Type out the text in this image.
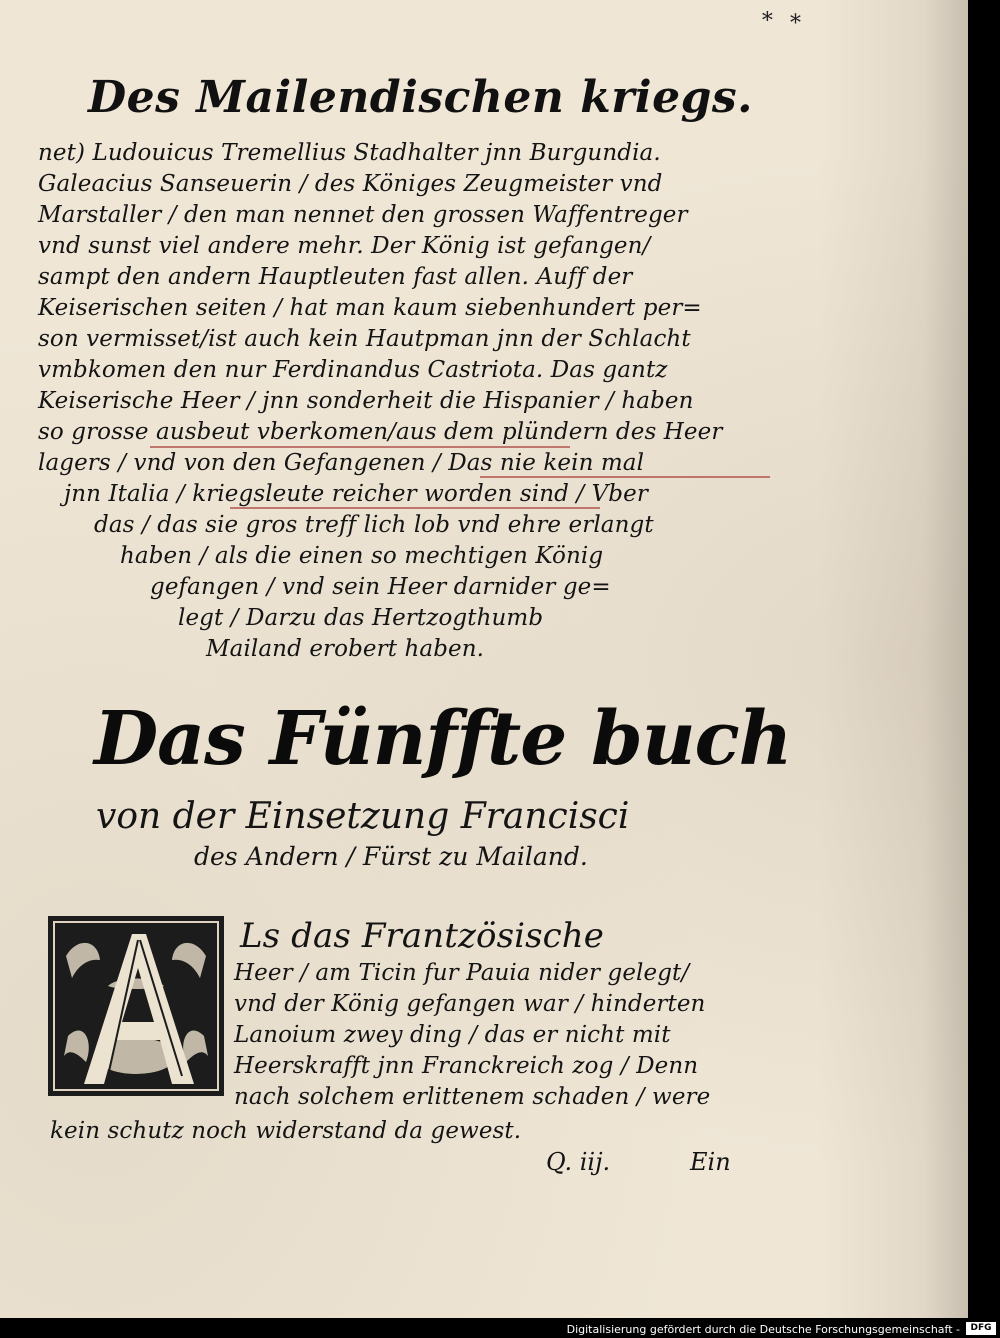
∗ ⁎
Des Mailendischen kriegs.
net) Ludouicus Tremellius Stadhalter jnn Burgundia.
Galeacius Sanseuerin / des Königes Zeugmeister vnd
Marstaller / den man nennet den grossen Waffentreger
vnd sunst viel andere mehr. Der König ist gefangen/
sampt den andern Hauptleuten fast allen. Auff der
Keiserischen seiten / hat man kaum siebenhundert per=
son vermisset/ist auch kein Hautpman jnn der Schlacht
vmbkomen den nur Ferdinandus Castriota. Das gantz
Keiserische Heer / jnn sonderheit die Hispanier / haben
so grosse ausbeut vberkomen/aus dem plündern des Heer
lagers / vnd von den Gefangenen / Das nie kein mal
jnn Italia / kriegsleute reicher worden sind / Vber
das / das sie gros treff lich lob vnd ehre erlangt
haben / als die einen so mechtigen König
gefangen / vnd sein Heer darnider ge=
legt / Darzu das Hertzogthumb
Mailand erobert haben.
Das Fünffte buch
von der Einsetzung Francisci
des Andern / Fürst zu Mailand.
Ls das Frantzösische
Heer / am Ticin fur Pauia nider gelegt/
vnd der König gefangen war / hinderten
Lanoium zwey ding / das er nicht mit
Heerskrafft jnn Franckreich zog / Denn
nach solchem erlittenem schaden / were
kein schutz noch widerstand da gewest.
Q. iij.	Ein
Digitalisierung gefördert durch die Deutsche Forschungsgemeinschaft -	DFG
